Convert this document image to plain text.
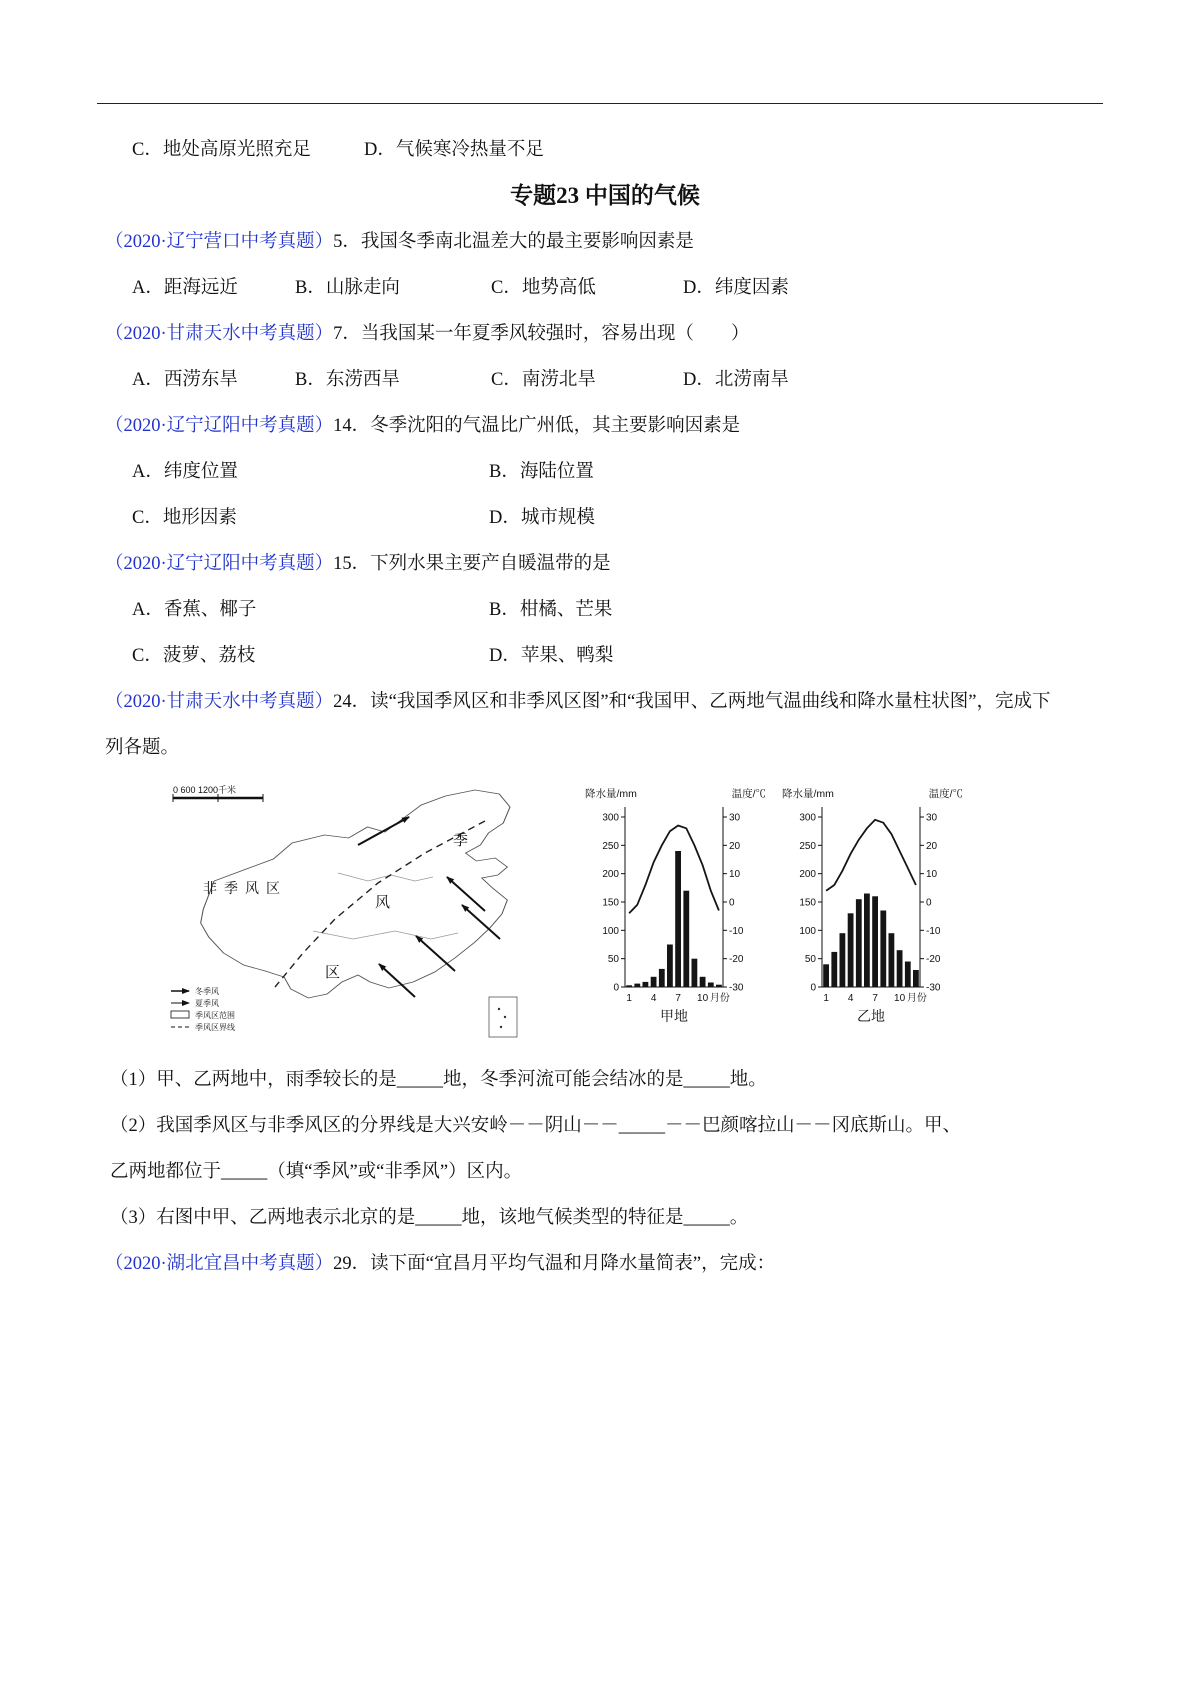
C．地处高原光照充足	D．气候寒冷热量不足

专题23 中国的气候

（2020·辽宁营口中考真题）5．我国冬季南北温差大的最主要影响因素是

A．距海远近	B．山脉走向	C．地势高低	D．纬度因素

（2020·甘肃天水中考真题）7．当我国某一年夏季风较强时，容易出现（　　）

A．西涝东旱	B．东涝西旱	C．南涝北旱	D．北涝南旱

（2020·辽宁辽阳中考真题）14．冬季沈阳的气温比广州低，其主要影响因素是

A．纬度位置	B．海陆位置

C．地形因素	D．城市规模

（2020·辽宁辽阳中考真题）15．下列水果主要产自暖温带的是

A．香蕉、椰子	B．柑橘、芒果

C．菠萝、荔枝	D．苹果、鸭梨

（2020·甘肃天水中考真题）24．读“我国季风区和非季风区图”和“我国甲、乙两地气温曲线和降水量柱状图”，完成下列各题。

0 600 1200千米
非季风区
季
风
区
冬季风
夏季风
季风区范围
季风区界线
降水量/mm	温度/℃
0
50
100
150
200
250
300
-30
-20
-10
0
10
20
30
1 4 7 10 月份
甲地
降水量/mm	温度/℃
0
50
100
150
200
250
300
-30
-20
-10
0
10
20
30
1 4 7 10 月份
乙地

（1）甲、乙两地中，雨季较长的是_____地，冬季河流可能会结冰的是_____地。

（2）我国季风区与非季风区的分界线是大兴安岭－－阴山－－_____－－巴颜喀拉山－－冈底斯山。甲、乙两地都位于_____（填“季风”或“非季风”）区内。

（3）右图中甲、乙两地表示北京的是_____地，该地气候类型的特征是_____。

（2020·湖北宜昌中考真题）29．读下面“宜昌月平均气温和月降水量简表”，完成：
